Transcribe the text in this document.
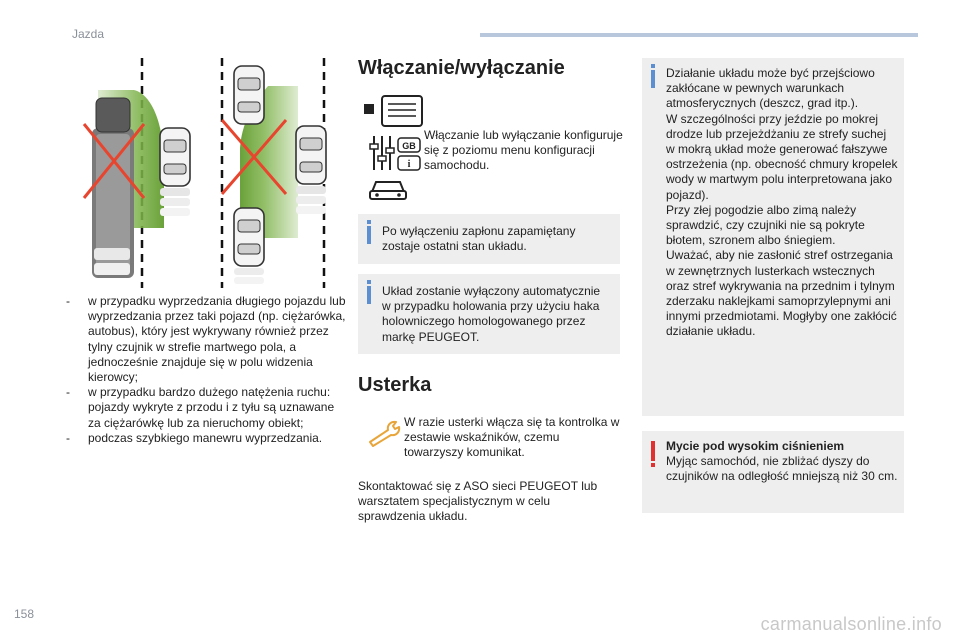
Jazda
- w przypadku wyprzedzania długiego pojazdu lub wyprzedzania przez taki pojazd (np. ciężarówka, autobus), który jest wykrywany również przez tylny czujnik w strefie martwego pola, a jednocześnie znajduje się w polu widzenia kierowcy;
- w przypadku bardzo dużego natężenia ruchu: pojazdy wykryte z przodu i z tyłu są uznawane za ciężarówkę lub za nieruchomy obiekt;
- podczas szybkiego manewru wyprzedzania.
Włączanie/wyłączanie
GB
i
Włączanie lub wyłączanie konfiguruje się z poziomu menu konfiguracji samochodu.

Po wyłączeniu zapłonu zapamiętany zostaje ostatni stan układu.

Układ zostanie wyłączony automatycznie w przypadku holowania przy użyciu haka holowniczego homologowanego przez markę PEUGEOT.

Usterka
W razie usterki włącza się ta kontrolka w zestawie wskaźników, czemu towarzyszy komunikat.
Skontaktować się z ASO sieci PEUGEOT lub warsztatem specjalistycznym w celu sprawdzenia układu.

Działanie układu może być przejściowo zakłócane w pewnych warunkach atmosferycznych (deszcz, grad itp.).
W szczególności przy jeździe po mokrej drodze lub przejeżdżaniu ze strefy suchej w mokrą układ może generować fałszywe ostrzeżenia (np. obecność chmury kropelek wody w martwym polu interpretowana jako pojazd).
Przy złej pogodzie albo zimą należy sprawdzić, czy czujniki nie są pokryte błotem, szronem albo śniegiem.
Uważać, aby nie zasłonić stref ostrzegania w zewnętrznych lusterkach wstecznych oraz stref wykrywania na przednim i tylnym zderzaku naklejkami samoprzylepnymi ani innymi przedmiotami. Mogłyby one zakłócić działanie układu.

Mycie pod wysokim ciśnieniem
Myjąc samochód, nie zbliżać dyszy do czujników na odległość mniejszą niż 30 cm.

158	carmanualsonline.info
